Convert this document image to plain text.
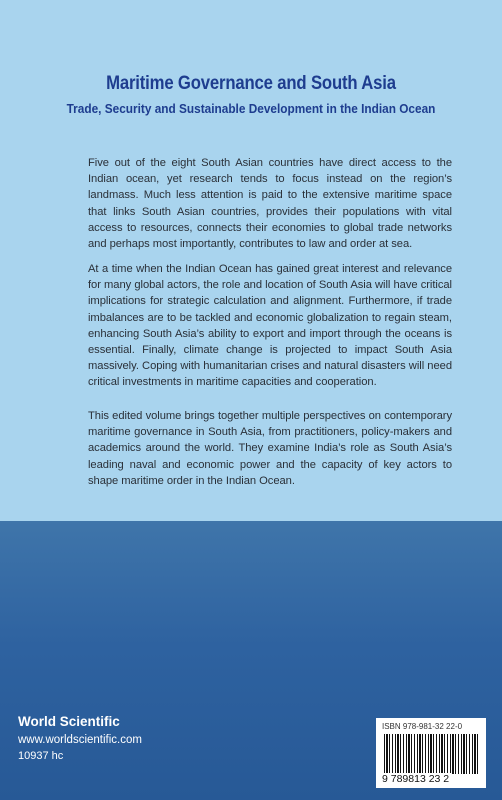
Maritime Governance and South Asia
Trade, Security and Sustainable Development in the Indian Ocean
Five out of the eight South Asian countries have direct access to the Indian ocean, yet research tends to focus instead on the region’s landmass. Much less attention is paid to the extensive maritime space that links South Asian countries, provides their populations with vital access to resources, connects their economies to global trade networks and perhaps most importantly, contributes to law and order at sea.
At a time when the Indian Ocean has gained great interest and relevance for many global actors, the role and location of South Asia will have critical implications for strategic calculation and alignment. Furthermore, if trade imbalances are to be tackled and economic globalization to regain steam, enhancing South Asia’s ability to export and import through the oceans is essential. Finally, climate change is projected to impact South Asia massively. Coping with humanitarian crises and natural disasters will need critical investments in maritime capacities and cooperation.
This edited volume brings together multiple perspectives on contemporary maritime governance in South Asia, from practitioners, policy-makers and academics around the world. They examine India’s role as South Asia’s leading naval and economic power and the capacity of key actors to shape maritime order in the Indian Ocean.
World Scientific
www.worldscientific.com
10937 hc
ISBN 978-981-32 22-0
9 789813 23 2
